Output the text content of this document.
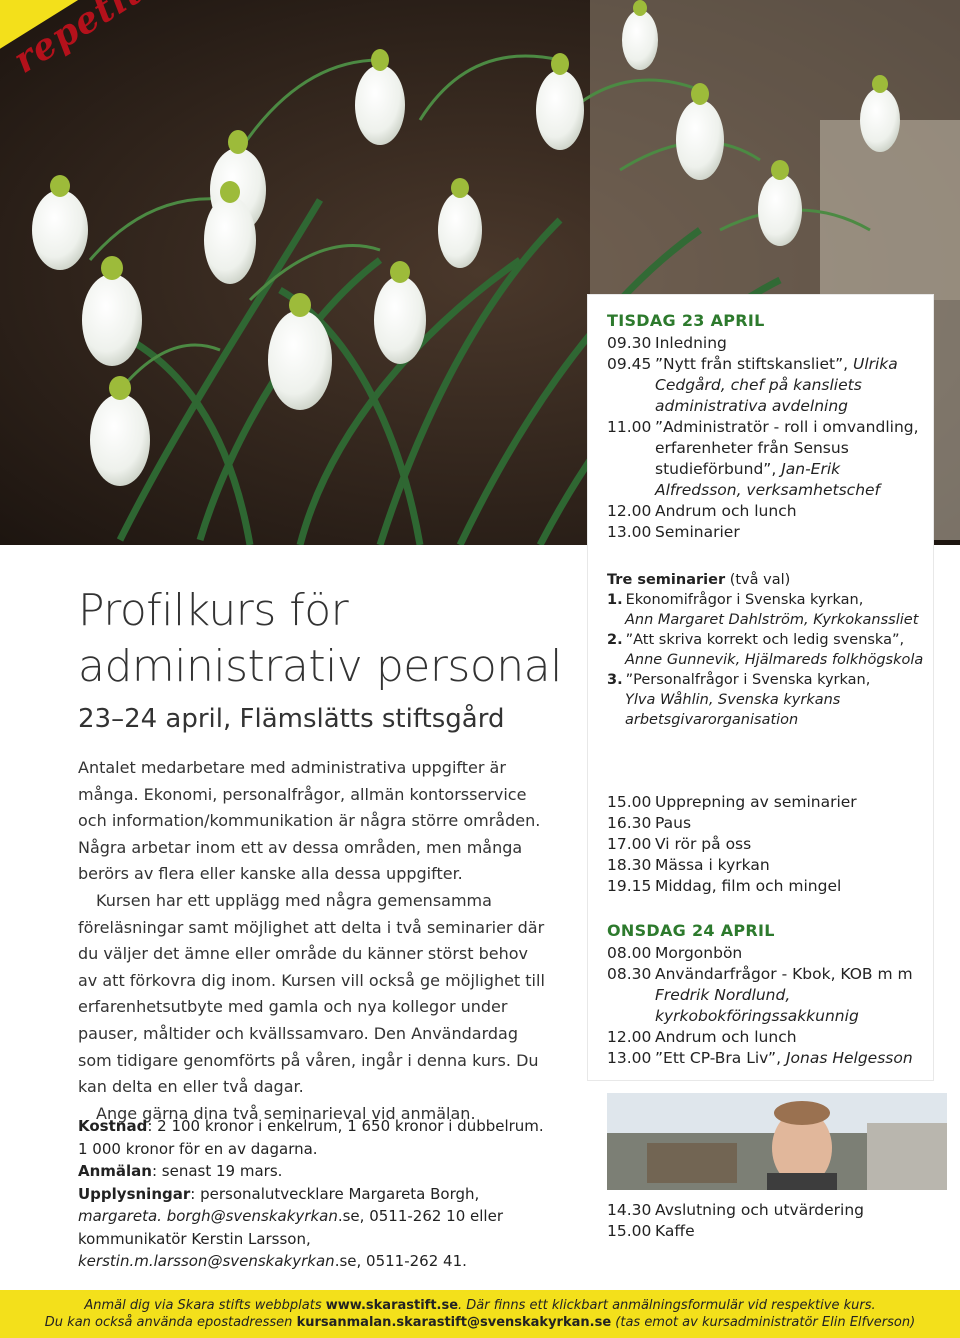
TISDAG 23 APRIL
09.30 Inledning
09.45 ”Nytt från stiftskansliet”, Ulrika Cedgård, chef på kansliets administrativa avdelning
11.00 ”Administratör - roll i omvandling, erfarenheter från Sensus studieförbund”, Jan-Erik Alfredsson, verksamhetschef
12.00 Andrum och lunch
13.00 Seminarier
Tre seminarier (två val)
1. Ekonomifrågor i Svenska kyrkan,
Ann Margaret Dahlström, Kyrkokanssliet
2. ”Att skriva korrekt och ledig svenska”,
Anne Gunnevik, Hjälmareds folkhögskola
3. ”Personalfrågor i Svenska kyrkan,
Ylva Wåhlin, Svenska kyrkans arbetsgivarorganisation
15.00 Upprepning av seminarier
16.30 Paus
17.00 Vi rör på oss
18.30 Mässa i kyrkan
19.15 Middag, film och mingel
ONSDAG 24 APRIL
08.00 Morgonbön
08.30 Användarfrågor - Kbok, KOB m m
Fredrik Nordlund, kyrkobokföringssakkunnig
12.00 Andrum och lunch
13.00 ”Ett CP-Bra Liv”, Jonas Helgesson
14.30 Avslutning och utvärdering
15.00 Kaffe
Profilkurs för
administrativ personal
23–24 april, Flämslätts stiftsgård

Antalet medarbetare med administrativa uppgifter är många. Ekonomi, personalfrågor, allmän kontorsservice och information/kommunikation är några större områden. Några arbetar inom ett av dessa områden, men många berörs av flera eller kanske alla dessa uppgifter.

Kursen har ett upplägg med några gemensamma föreläsningar samt möjlighet att delta i två seminarier där du väljer det ämne eller område du känner störst behov av att förkovra dig inom. Kursen vill också ge möjlighet till erfarenhetsutbyte med gamla och nya kollegor under pauser, måltider och kvällssamvaro. Den Användardag som tidigare genomförts på våren, ingår i denna kurs. Du kan delta en eller två dagar.

Ange gärna dina två seminarieval vid anmälan.

Kostnad: 2 100 kronor i enkelrum, 1 650 kronor i dubbelrum.
1 000 kronor för en av dagarna.
Anmälan: senast 19 mars.
Upplysningar: personalutvecklare Margareta Borgh, margareta. borgh@svenskakyrkan.se, 0511-262 10 eller kommunikatör Kerstin Larsson, kerstin.m.larsson@svenskakyrkan.se, 0511-262 41.
Anmäl dig via Skara stifts webbplats www.skarastift.se. Där finns ett klickbart anmälningsformulär vid respektive kurs.
Du kan också använda epostadressen kursanmalan.skarastift@svenskakyrkan.se (tas emot av kursadministratör Elin Elfverson)
